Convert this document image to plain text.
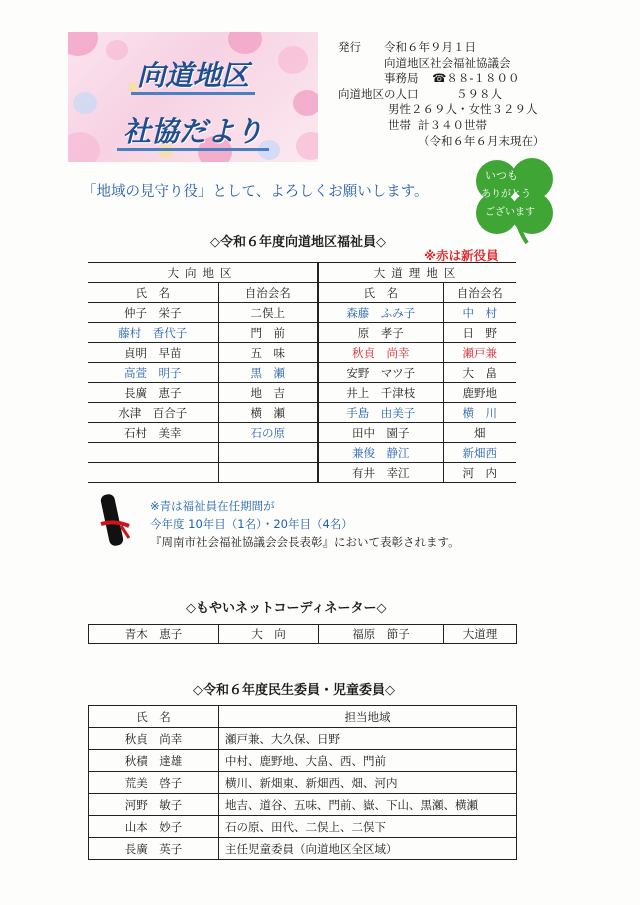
向道地区
社協だより
発行	令和６年９月１日
向道地区社会福祉協議会
事務局	☎８８-１８００
向道地区の人口	５９８人
男性２６９人・女性３２９人
世帯 計３４０世帯
（令和６年６月末現在）
いつも
ありがとう
ございます
「地域の見守り役」として、よろしくお願いします。
◇令和６年度向道地区福祉員◇
※赤は新役員
大向地区		大道理地区	
氏　名	自治会名	氏　名	自治会名
仲子　栄子	二俣上	森藤　ふみ子	中　村
藤村　香代子	門　前	原　孝子	日　野
貞明　早苗	五　味	秋貞　尚幸	瀬戸兼
高萱　明子	黒　瀬	安野　マツ子	大　畠
長廣　恵子	地　吉	井上　千津枝	鹿野地
水津　百合子	横　瀬	手島　由美子	横　川
石村　美幸	石の原	田中　園子	畑
		兼俊　静江	新畑西
		有井　幸江	河　内
※青は福祉員在任期間が
今年度 10年目（1名）・20年目（4名）
『周南市社会福祉協議会会長表彰』において表彰されます。
◇もやいネットコーディネーター◇
青木　恵子	大　向	福原　節子	大道理
◇令和６年度民生委員・児童委員◇
氏　名	担当地域
秋貞　尚幸	瀬戸兼、大久保、日野
秋積　達雄	中村、鹿野地、大畠、西、門前
荒美　啓子	横川、新畑東、新畑西、畑、河内
河野　敏子	地吉、道谷、五味、門前、嶽、下山、黒瀬、横瀬
山本　妙子	石の原、田代、二俣上、二俣下
長廣　英子	主任児童委員（向道地区全区域）
